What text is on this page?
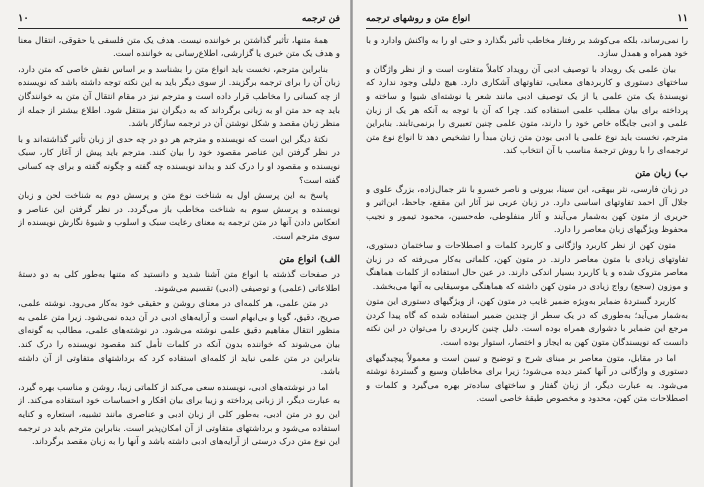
۱۰	فن ترجمه

همهٔ متنها، تأثیر گذاشتن بر خواننده نیست. هدف یک متن فلسفی یا حقوقی، انتقال معنا و هدف یک متن خبری یا گزارشی، اطلاع‌رسانی به خواننده است.

بنابراین مترجم، نخست باید انواع متن را بشناسد و بر اساس نقش خاصی که متن دارد، زبان آن را برای ترجمه برگزیند. از سوی دیگر باید به این نکته توجه داشته باشد که نویسنده از چه کسانی را مخاطب قرار داده است و مترجم نیز در مقام انتقال آن متن به خوانندگان باید چه حد متن او به زبانی برگرداند که به دیگران نیز منتقل شود. اطلاع بیشتر از جمله از منظر زبان مقصد و شکل نوشتن آن در ترجمه سازگار باشد.

نکتهٔ دیگر این است که نویسنده و مترجم هر دو در چه حدی از زبان تأثیر گذاشته‌اند و با در نظر گرفتن این عناصر مقصود خود را بیان کنند. مترجم باید پیش از آغاز کار، سبک نویسنده و مقصود او را درک کند و بداند نویسنده چه گفته و چگونه گفته و برای چه کسانی گفته است؟

پاسخ به این پرسش اول به شناخت نوع متن و پرسش دوم به شناخت لحن و زبان نویسنده و پرسش سوم به شناخت مخاطب باز می‌گردد. در نظر گرفتن این عناصر و انعکاس دادن آنها در متن ترجمه به معنای رعایت سبک و اسلوب و شیوهٔ نگارش نویسنده از سوی مترجم است.

الف) انواع متن

در صفحات گذشته با انواع متن آشنا شدید و دانستید که متنها به‌طور کلی به دو دستهٔ اطلاعاتی (علمی) و توصیفی (ادبی) تقسیم می‌شوند.

در متن علمی، هر کلمه‌ای در معنای روشن و حقیقی خود به‌کار می‌رود. نوشته علمی، صریح، دقیق، گویا و بی‌ابهام است و آرایه‌های ادبی در آن دیده نمی‌شود. زیرا متن علمی به منظور انتقال مفاهیم دقیق علمی نوشته می‌شود. در نوشته‌های علمی، مطالب به گونه‌ای بیان می‌شوند که خواننده بدون آنکه در کلمات تأمل کند مقصود نویسنده را درک کند. بنابراین در متن علمی نباید از کلمه‌ای استفاده کرد که برداشتهای متفاوتی از آن داشته باشد.

اما در نوشته‌های ادبی، نویسنده سعی می‌کند از کلماتی زیبا، روشن و مناسب بهره گیرد، به عبارت دیگر، از زبانی پرداخته و زیبا برای بیان افکار و احساسات خود استفاده می‌کند. از این رو در متن ادبی، به‌طور کلی از زبان ادبی و عناصری مانند تشبیه، استعاره و کنایه استفاده می‌شود و برداشتهای متفاوتی از آن امکان‌پذیر است. بنابراین مترجم باید در ترجمه این نوع متن درک درستی از آرایه‌های ادبی داشته باشد و آنها را به زبان مقصد برگرداند.

انواع متن و روشهای ترجمه	۱۱

را نمی‌رساند، بلکه می‌کوشد بر رفتار مخاطب تأثیر بگذارد و حتی او را به واکنش وادارد و با خود همراه و همدل سازد.

بیان علمی یک رویداد با توصیف ادبی آن رویداد کاملاً متفاوت است و از نظر واژگان و ساختهای دستوری و کاربردهای معنایی، تفاوتهای آشکاری دارد. هیچ دلیلی وجود ندارد که نویسندهٔ یک متن علمی یا از یک توصیف ادبی مانند شعر یا نوشته‌ای شیوا و ساخته و پرداخته برای بیان مطلب علمی استفاده کند. چرا که آن با توجه به آنکه هر یک از زبان علمی و ادبی جایگاه خاص خود را دارند، متون علمی چنین تعبیری را برنمی‌تابند. بنابراین مترجم، نخست باید نوع علمی یا ادبی بودن متن زبان مبدأ را تشخیص دهد تا انواع نوع متن ترجمه‌ای را با روش ترجمهٔ مناسب با آن انتخاب کند.

ب) زبان متن

در زبان فارسی، نثر بیهقی، ابن سینا، بیرونی و ناصر خسرو با نثر جمال‌زاده، بزرگ علوی و جلال آل احمد تفاوتهای اساسی دارد. در زبان عربی نیز آثار ابن مقفع، جاحظ، ابن‌اثیر و حریری از متون کهن به‌شمار می‌آیند و آثار منفلوطی، طه‌حسین، محمود تیمور و نجیب محفوظ ویژگیهای زبان معاصر را دارد.

متون کهن از نظر کاربرد واژگانی و کاربرد کلمات و اصطلاحات و ساختمان دستوری، تفاوتهای زیادی با متون معاصر دارند. در متون کهن، کلماتی به‌کار می‌رفته که در زبان معاصر متروک شده و یا کاربرد بسیار اندکی دارند. در عین حال استفاده از کلمات هماهنگ و موزون (سجع) رواج زیادی در متون کهن داشته که هماهنگی موسیقایی به آنها می‌بخشد.

کاربرد گستردهٔ ضمایر به‌ویژه ضمیر غایب در متون کهن، از ویژگیهای دستوری این متون به‌شمار می‌آید؛ به‌طوری که در یک سطر از چندین ضمیر استفاده شده که گاه پیدا کردن مرجع این ضمایر با دشواری همراه بوده است. دلیل چنین کاربردی را می‌توان در این نکته دانست که نویسندگان متون کهن به ایجاز و اختصار، استوار بوده است.

اما در مقابل، متون معاصر بر مبنای شرح و توضیح و تبیین است و معمولاً پیچیدگیهای دستوری و واژگانی در آنها کمتر دیده می‌شود؛ زیرا برای مخاطبان وسیع و گستردهٔ نوشته می‌شود. به عبارت دیگر، از زبان گفتار و ساختهای ساده‌تر بهره می‌گیرد و کلمات و اصطلاحات متن کهن، محدود و مخصوص طبقهٔ خاصی است.
